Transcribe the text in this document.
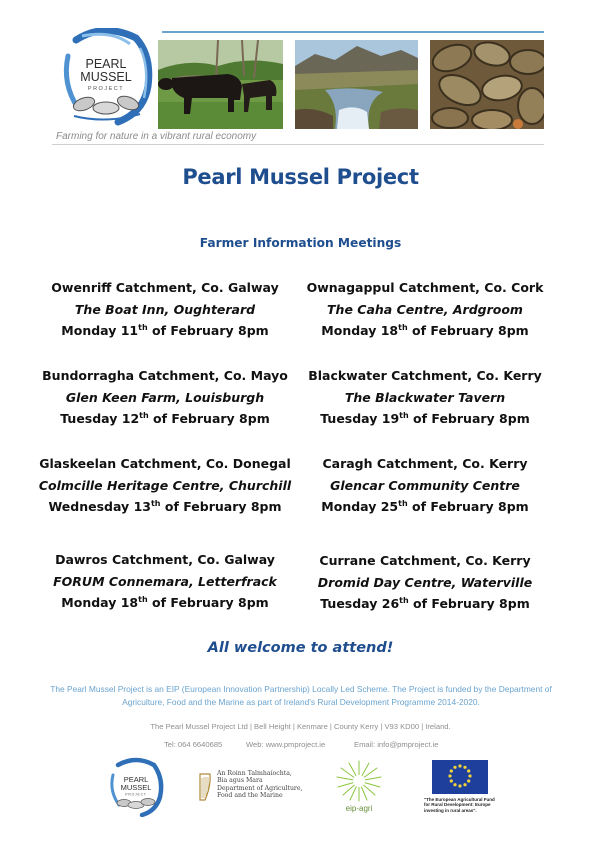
PEARL
MUSSEL
PROJECT
Farming for nature in a vibrant rural economy
Pearl Mussel Project
Farmer Information Meetings
Owenriff Catchment, Co. Galway
The Boat Inn, Oughterard
Monday 11th of February 8pm
Ownagappul Catchment, Co. Cork
The Caha Centre, Ardgroom
Monday 18th of February 8pm
Bundorragha Catchment, Co. Mayo
Glen Keen Farm, Louisburgh
Tuesday 12th of February 8pm
Blackwater Catchment, Co. Kerry
The Blackwater Tavern
Tuesday 19th of February 8pm
Glaskeelan Catchment, Co. Donegal
Colmcille Heritage Centre, Churchill
Wednesday 13th of February 8pm
Caragh Catchment, Co. Kerry
Glencar Community Centre
Monday 25th of February 8pm
Dawros Catchment, Co. Galway
FORUM Connemara, Letterfrack
Monday 18th of February 8pm
Currane Catchment, Co. Kerry
Dromid Day Centre, Waterville
Tuesday 26th of February 8pm
All welcome to attend!
The Pearl Mussel Project is an EIP (European Innovation Partnership) Locally Led Scheme. The Project is funded by the Department of Agriculture, Food and the Marine as part of Ireland's Rural Development Programme 2014-2020.
The Pearl Mussel Project Ltd | Bell Height | Kenmare | County Kerry | V93 KD00 | Ireland.
Tel: 064 6640685	Web: www.pmproject.ie	Email: info@pmproject.ie
PEARL
MUSSEL
PROJECT
An Roinn Talmhaíochta,
Bia agus Mara
Department of Agriculture,
Food and the Marine
eip-agri
"The European Agricultural Fund
for Rural Development: Europe
investing in rural areas".
